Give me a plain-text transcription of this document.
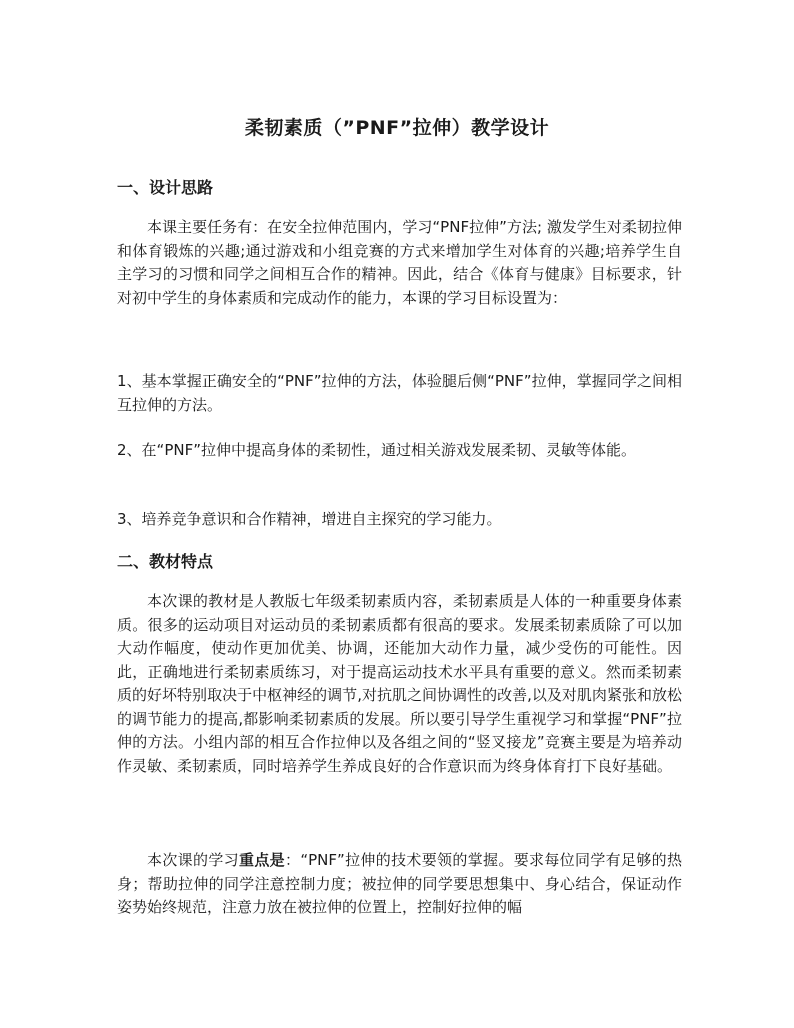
柔韧素质（”PNF”拉伸）教学设计
一、设计思路
本课主要任务有：在安全拉伸范围内，学习“PNF拉伸”方法; 激发学生对柔韧拉伸和体育锻炼的兴趣;通过游戏和小组竞赛的方式来增加学生对体育的兴趣;培养学生自主学习的习惯和同学之间相互合作的精神。因此，结合《体育与健康》目标要求，针对初中学生的身体素质和完成动作的能力，本课的学习目标设置为：
1、基本掌握正确安全的“PNF”拉伸的方法，体验腿后侧“PNF”拉伸，掌握同学之间相互拉伸的方法。
2、在“PNF”拉伸中提高身体的柔韧性，通过相关游戏发展柔韧、灵敏等体能。
3、培养竞争意识和合作精神，增进自主探究的学习能力。
二、教材特点
本次课的教材是人教版七年级柔韧素质内容，柔韧素质是人体的一种重要身体素质。很多的运动项目对运动员的柔韧素质都有很高的要求。发展柔韧素质除了可以加大动作幅度，使动作更加优美、协调，还能加大动作力量，减少受伤的可能性。因此，正确地进行柔韧素质练习，对于提高运动技术水平具有重要的意义。然而柔韧素质的好坏特别取决于中枢神经的调节,对抗肌之间协调性的改善,以及对肌肉紧张和放松的调节能力的提高,都影响柔韧素质的发展。所以要引导学生重视学习和掌握“PNF”拉伸的方法。小组内部的相互合作拉伸以及各组之间的“竖叉接龙”竞赛主要是为培养动作灵敏、柔韧素质，同时培养学生养成良好的合作意识而为终身体育打下良好基础。
本次课的学习重点是：“PNF”拉伸的技术要领的掌握。要求每位同学有足够的热身；帮助拉伸的同学注意控制力度；被拉伸的同学要思想集中、身心结合，保证动作姿势始终规范，注意力放在被拉伸的位置上，控制好拉伸的幅
